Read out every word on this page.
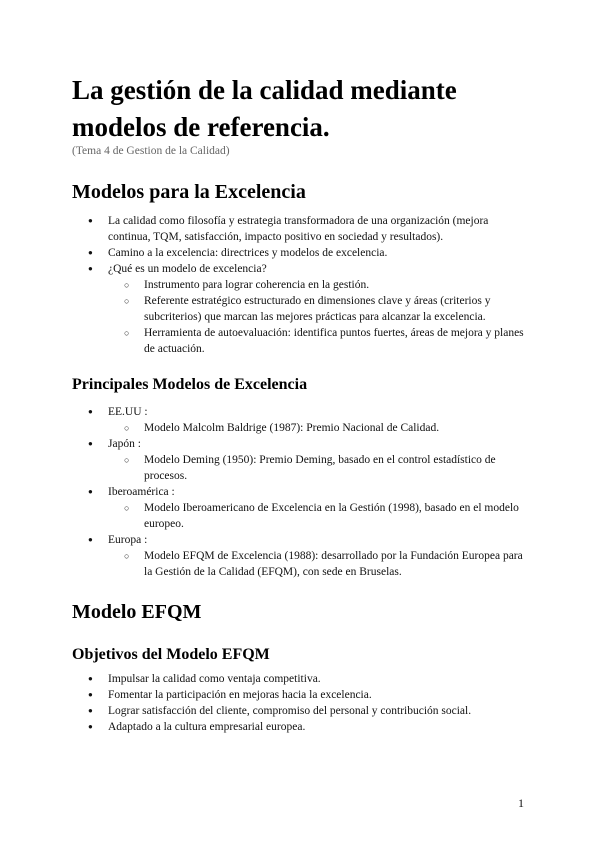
La gestión de la calidad mediante modelos de referencia.
(Tema 4 de Gestion de la Calidad)
Modelos para la Excelencia
● La calidad como filosofía y estrategia transformadora de una organización (mejora continua, TQM, satisfacción, impacto positivo en sociedad y resultados).
● Camino a la excelencia: directrices y modelos de excelencia.
● ¿Qué es un modelo de excelencia?
○ Instrumento para lograr coherencia en la gestión.
○ Referente estratégico estructurado en dimensiones clave y áreas (criterios y subcriterios) que marcan las mejores prácticas para alcanzar la excelencia.
○ Herramienta de autoevaluación: identifica puntos fuertes, áreas de mejora y planes de actuación.
Principales Modelos de Excelencia
● EE.UU :
○ Modelo Malcolm Baldrige (1987): Premio Nacional de Calidad.
● Japón :
○ Modelo Deming (1950): Premio Deming, basado en el control estadístico de procesos.
● Iberoamérica :
○ Modelo Iberoamericano de Excelencia en la Gestión (1998), basado en el modelo europeo.
● Europa :
○ Modelo EFQM de Excelencia (1988): desarrollado por la Fundación Europea para la Gestión de la Calidad (EFQM), con sede en Bruselas.
Modelo EFQM
Objetivos del Modelo EFQM
● Impulsar la calidad como ventaja competitiva.
● Fomentar la participación en mejoras hacia la excelencia.
● Lograr satisfacción del cliente, compromiso del personal y contribución social.
● Adaptado a la cultura empresarial europea.
1
